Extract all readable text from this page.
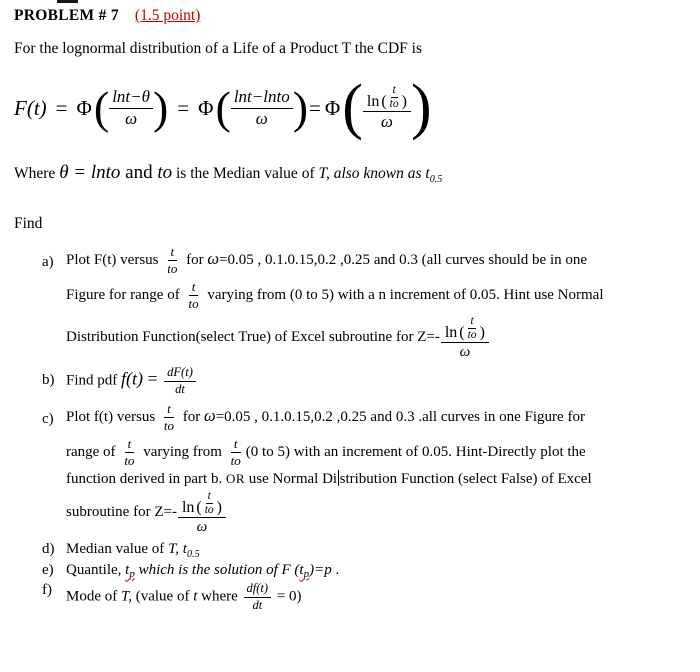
PROBLEM # 7 (1.5 point)

For the lognormal distribution of a Life of a Product T the CDF is

F(t) = Φ ( $\frac{\ln t-\theta}{\omega}$ ) = Φ ( $\frac{\text{lnt−lnto}}{\omega}$ ) = Φ ( $\frac{\ln ( \frac{t}{to} )}{\omega}$ )

Where θ = lnto and to is the Median value of T, also known as $t_{0.5}$

Find

a) Plot F(t) versus $\frac{t}{to}$ for ω=0.05 , 0.1.0.15,0.2 ,0.25 and 0.3 (all curves should be in one
Figure for range of $\frac{t}{to}$ varying from (0 to 5) with a n increment of 0.05. Hint use Normal
Distribution Function(select True) of Excel subroutine for $Z=- \frac{\ln ( \frac{t}{to} )}{\omega}$
b) Find pdf $f(t) = \frac{dF(t)}{dt}$
c) Plot f(t) versus $\frac{t}{to}$ for ω=0.05 , 0.1.0.15,0.2 ,0.25 and 0.3 .all curves in one Figure for
range of $\frac{t}{to}$ varying from $\frac{t}{to} (0$ to 5) with an increment of 0.05. Hint-Directly plot the
function derived in part b. OR use Normal Di stribution Function (select False) of Excel
subroutine for $Z=- \frac{\ln ( \frac{t}{to} )}{\omega}$
d) Median value of T, $t_{0.5}$
e) Quantile, $t_p$ which is the solution of F $(t_p)=p$ .
f) Mode of T, (value of t where $\frac{df(t)}{dt} = 0$)
